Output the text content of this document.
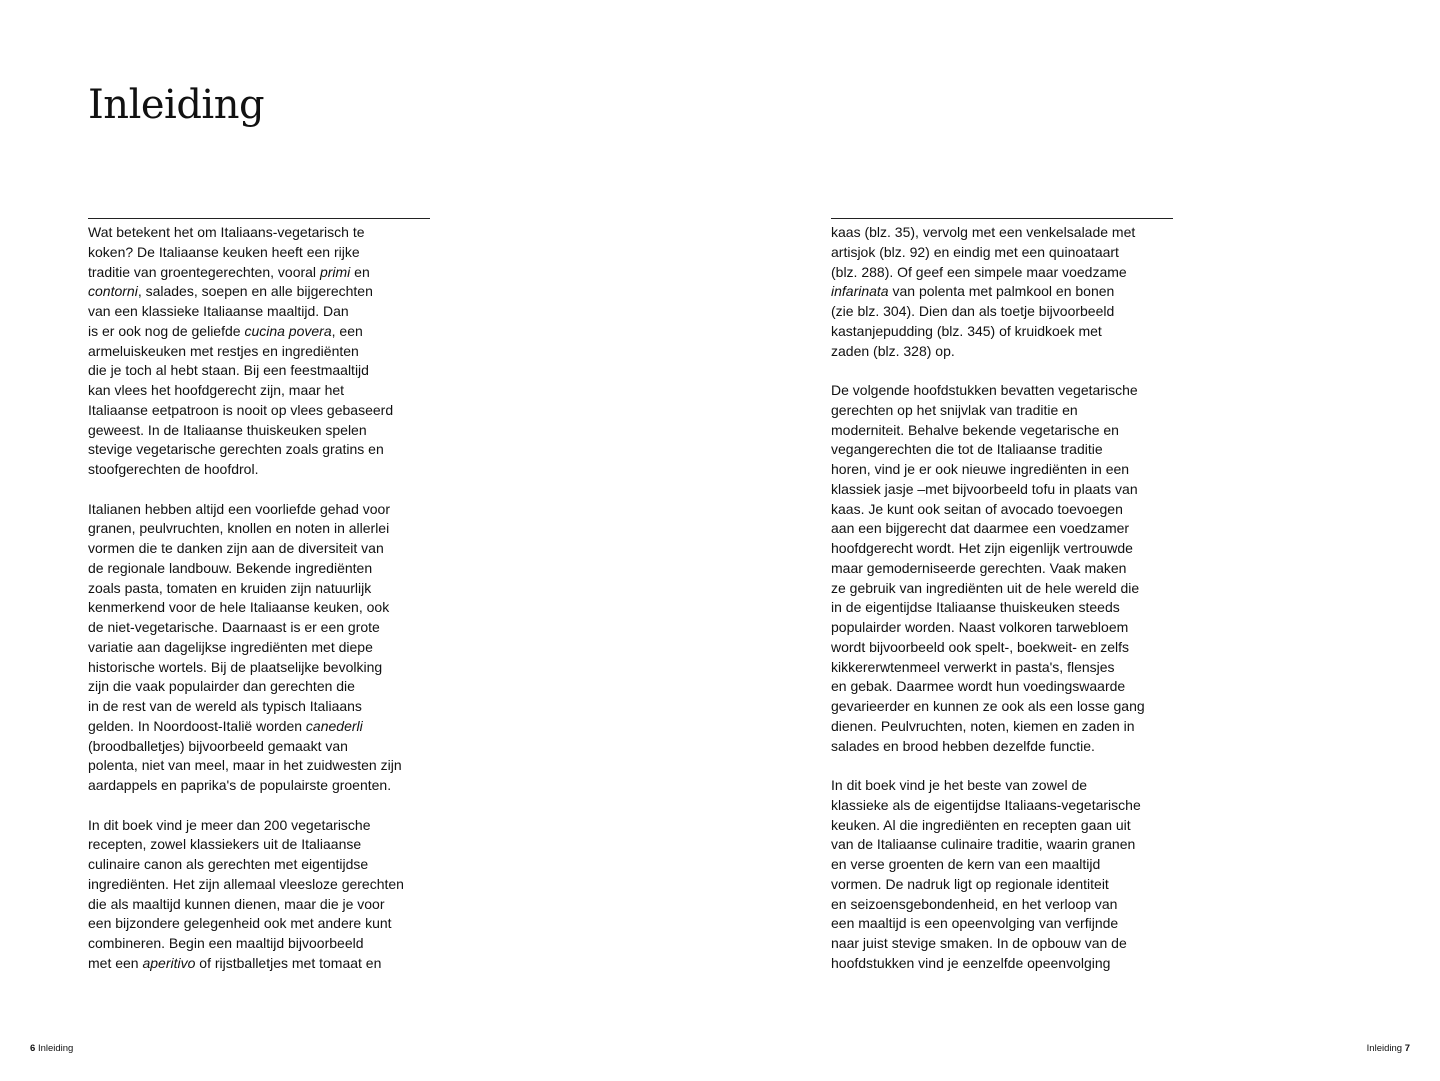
Inleiding
Wat betekent het om Italiaans-vegetarisch te
koken? De Italiaanse keuken heeft een rijke
traditie van groentegerechten, vooral primi en
contorni, salades, soepen en alle bijgerechten
van een klassieke Italiaanse maaltijd. Dan
is er ook nog de geliefde cucina povera, een
armeluiskeuken met restjes en ingrediënten
die je toch al hebt staan. Bij een feestmaaltijd
kan vlees het hoofdgerecht zijn, maar het
Italiaanse eetpatroon is nooit op vlees gebaseerd
geweest. In de Italiaanse thuiskeuken spelen
stevige vegetarische gerechten zoals gratins en
stoofgerechten de hoofdrol.
Italianen hebben altijd een voorliefde gehad voor
granen, peulvruchten, knollen en noten in allerlei
vormen die te danken zijn aan de diversiteit van
de regionale landbouw. Bekende ingrediënten
zoals pasta, tomaten en kruiden zijn natuurlijk
kenmerkend voor de hele Italiaanse keuken, ook
de niet-vegetarische. Daarnaast is er een grote
variatie aan dagelijkse ingrediënten met diepe
historische wortels. Bij de plaatselijke bevolking
zijn die vaak populairder dan gerechten die
in de rest van de wereld als typisch Italiaans
gelden. In Noordoost-Italië worden canederli
(broodballetjes) bijvoorbeeld gemaakt van
polenta, niet van meel, maar in het zuidwesten zijn
aardappels en paprika's de populairste groenten.
In dit boek vind je meer dan 200 vegetarische
recepten, zowel klassiekers uit de Italiaanse
culinaire canon als gerechten met eigentijdse
ingrediënten. Het zijn allemaal vleesloze gerechten
die als maaltijd kunnen dienen, maar die je voor
een bijzondere gelegenheid ook met andere kunt
combineren. Begin een maaltijd bijvoorbeeld
met een aperitivo of rijstballetjes met tomaat en
kaas (blz. 35), vervolg met een venkelsalade met
artisjok (blz. 92) en eindig met een quinoataart
(blz. 288). Of geef een simpele maar voedzame
infarinata van polenta met palmkool en bonen
(zie blz. 304). Dien dan als toetje bijvoorbeeld
kastanjepudding (blz. 345) of kruidkoek met
zaden (blz. 328) op.
De volgende hoofdstukken bevatten vegetarische
gerechten op het snijvlak van traditie en
moderniteit. Behalve bekende vegetarische en
vegangerechten die tot de Italiaanse traditie
horen, vind je er ook nieuwe ingrediënten in een
klassiek jasje –met bijvoorbeeld tofu in plaats van
kaas. Je kunt ook seitan of avocado toevoegen
aan een bijgerecht dat daarmee een voedzamer
hoofdgerecht wordt. Het zijn eigenlijk vertrouwde
maar gemoderniseerde gerechten. Vaak maken
ze gebruik van ingrediënten uit de hele wereld die
in de eigentijdse Italiaanse thuiskeuken steeds
populairder worden. Naast volkoren tarwebloem
wordt bijvoorbeeld ook spelt-, boekweit- en zelfs
kikkererwtenmeel verwerkt in pasta's, flensjes
en gebak. Daarmee wordt hun voedingswaarde
gevarieerder en kunnen ze ook als een losse gang
dienen. Peulvruchten, noten, kiemen en zaden in
salades en brood hebben dezelfde functie.
In dit boek vind je het beste van zowel de
klassieke als de eigentijdse Italiaans-vegetarische
keuken. Al die ingrediënten en recepten gaan uit
van de Italiaanse culinaire traditie, waarin granen
en verse groenten de kern van een maaltijd
vormen. De nadruk ligt op regionale identiteit
en seizoensgebondenheid, en het verloop van
een maaltijd is een opeenvolging van verfijnde
naar juist stevige smaken. In de opbouw van de
hoofdstukken vind je eenzelfde opeenvolging
6 Inleiding	Inleiding 7
